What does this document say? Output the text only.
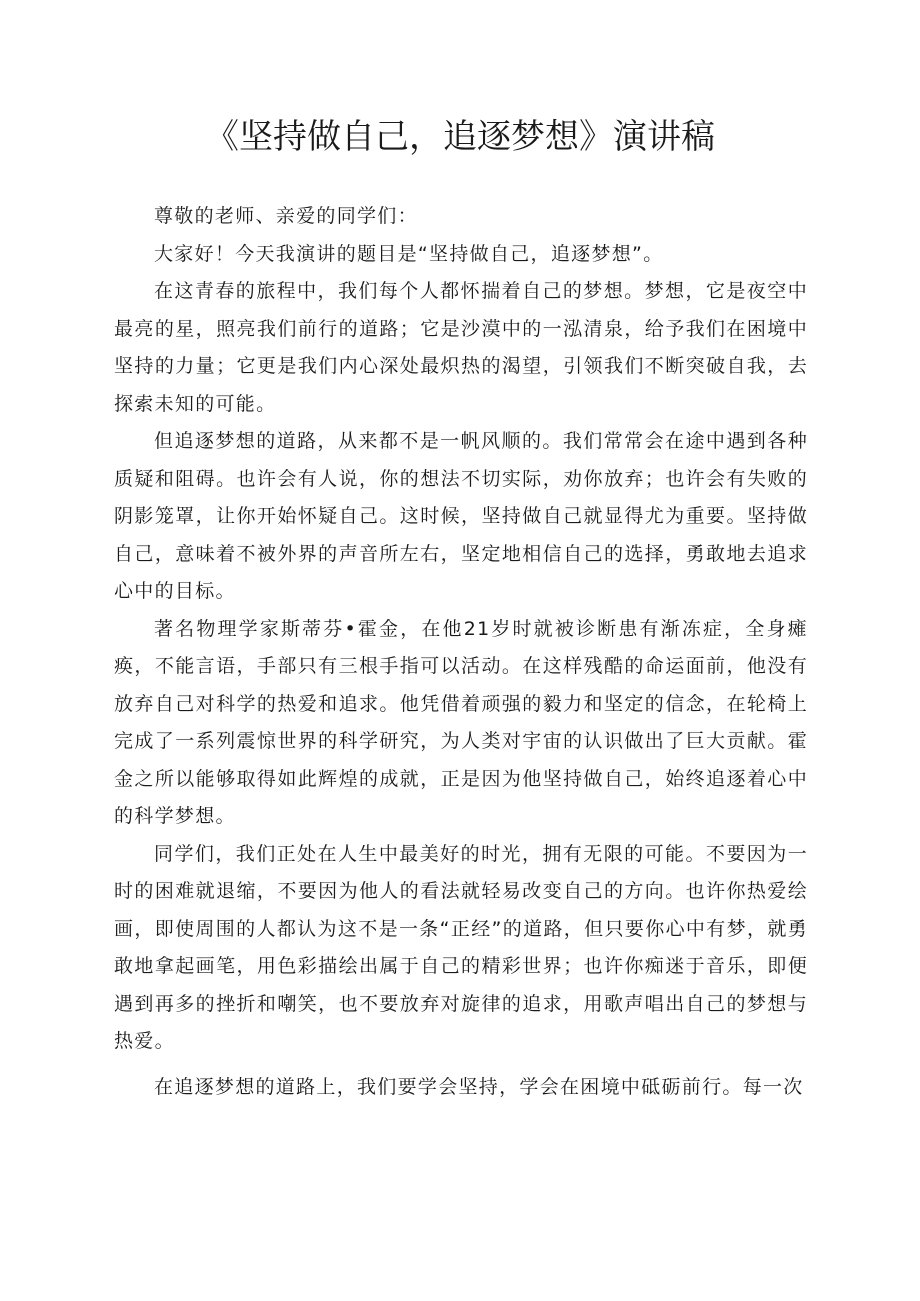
《坚持做自己，追逐梦想》演讲稿

尊敬的老师、亲爱的同学们：

大家好！今天我演讲的题目是“坚持做自己，追逐梦想”。

在这青春的旅程中，我们每个人都怀揣着自己的梦想。梦想，它是夜空中最亮的星，照亮我们前行的道路；它是沙漠中的一泓清泉，给予我们在困境中坚持的力量；它更是我们内心深处最炽热的渴望，引领我们不断突破自我，去探索未知的可能。

但追逐梦想的道路，从来都不是一帆风顺的。我们常常会在途中遇到各种质疑和阻碍。也许会有人说，你的想法不切实际，劝你放弃；也许会有失败的阴影笼罩，让你开始怀疑自己。这时候，坚持做自己就显得尤为重要。坚持做自己，意味着不被外界的声音所左右，坚定地相信自己的选择，勇敢地去追求心中的目标。

著名物理学家斯蒂芬•霍金，在他21岁时就被诊断患有渐冻症，全身瘫痪，不能言语，手部只有三根手指可以活动。在这样残酷的命运面前，他没有放弃自己对科学的热爱和追求。他凭借着顽强的毅力和坚定的信念，在轮椅上完成了一系列震惊世界的科学研究，为人类对宇宙的认识做出了巨大贡献。霍金之所以能够取得如此辉煌的成就，正是因为他坚持做自己，始终追逐着心中的科学梦想。

同学们，我们正处在人生中最美好的时光，拥有无限的可能。不要因为一时的困难就退缩，不要因为他人的看法就轻易改变自己的方向。也许你热爱绘画，即使周围的人都认为这不是一条“正经”的道路，但只要你心中有梦，就勇敢地拿起画笔，用色彩描绘出属于自己的精彩世界；也许你痴迷于音乐，即便遇到再多的挫折和嘲笑，也不要放弃对旋律的追求，用歌声唱出自己的梦想与热爱。

在追逐梦想的道路上，我们要学会坚持，学会在困境中砥砺前行。每一次
